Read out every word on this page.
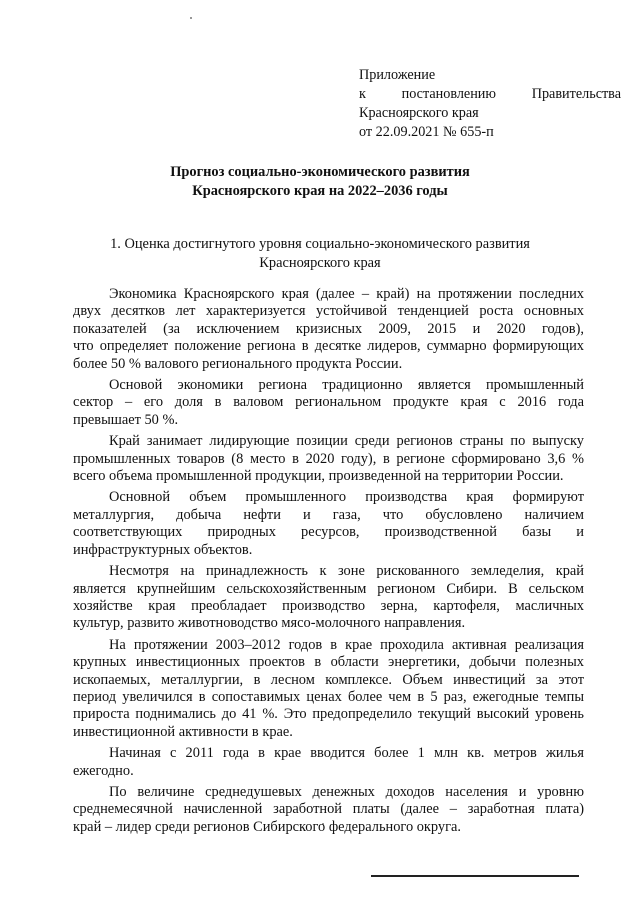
Приложение
к постановлению Правительства
Красноярского края
от 22.09.2021 № 655-п
Прогноз социально-экономического развития
Красноярского края на 2022–2036 годы
1. Оценка достигнутого уровня социально-экономического развития
Красноярского края
Экономика Красноярского края (далее – край) на протяжении последних
двух десятков лет характеризуется устойчивой тенденцией роста основных
показателей (за исключением кризисных 2009, 2015 и 2020 годов),
что определяет положение региона в десятке лидеров, суммарно формирующих
более 50 % валового регионального продукта России.
Основой экономики региона традиционно является промышленный
сектор – его доля в валовом региональном продукте края с 2016 года
превышает 50 %.
Край занимает лидирующие позиции среди регионов страны по выпуску
промышленных товаров (8 место в 2020 году), в регионе сформировано 3,6 %
всего объема промышленной продукции, произведенной на территории России.
Основной объем промышленного производства края формируют
металлургия, добыча нефти и газа, что обусловлено наличием
соответствующих природных ресурсов, производственной базы и
инфраструктурных объектов.
Несмотря на принадлежность к зоне рискованного земледелия, край
является крупнейшим сельскохозяйственным регионом Сибири. В сельском
хозяйстве края преобладает производство зерна, картофеля, масличных
культур, развито животноводство мясо-молочного направления.
На протяжении 2003–2012 годов в крае проходила активная реализация
крупных инвестиционных проектов в области энергетики, добычи полезных
ископаемых, металлургии, в лесном комплексе. Объем инвестиций за этот
период увеличился в сопоставимых ценах более чем в 5 раз, ежегодные темпы
прироста поднимались до 41 %. Это предопределило текущий высокий уровень
инвестиционной активности в крае.
Начиная с 2011 года в крае вводится более 1 млн кв. метров жилья
ежегодно.
По величине среднедушевых денежных доходов населения и уровню
среднемесячной начисленной заработной платы (далее – заработная плата)
край – лидер среди регионов Сибирского федерального округа.
